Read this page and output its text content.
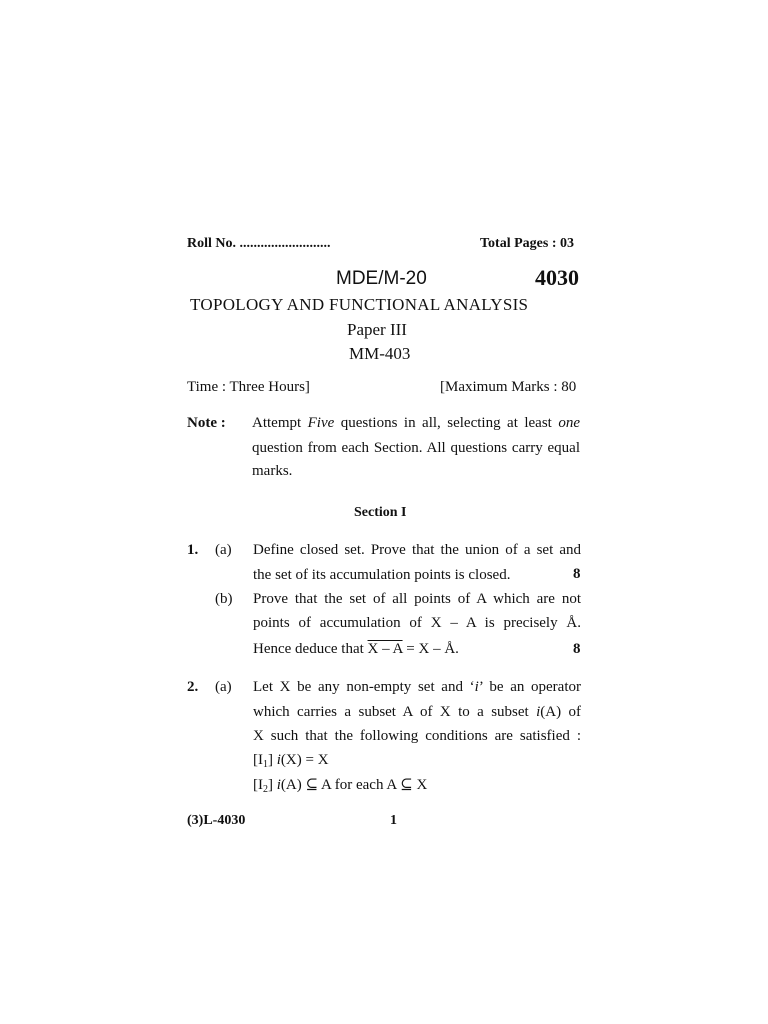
Roll No. ..........................	Total Pages : 03
MDE/M-20	4030
TOPOLOGY AND FUNCTIONAL ANALYSIS
Paper III
MM-403
Time : Three Hours]	[Maximum Marks : 80
Note : Attempt Five questions in all, selecting at least one
question from each Section. All questions carry equal
marks.
Section I
1. (a) Define closed set. Prove that the union of a set and
the set of its accumulation points is closed.	8
(b) Prove that the set of all points of A which are not
points of accumulation of X – A is precisely Å.
Hence deduce that X – A = X – Å.	8
2. (a) Let X be any non-empty set and ‘i’ be an operator
which carries a subset A of X to a subset i(A) of
X such that the following conditions are satisfied :
$[I_1] i(X) = X$
$[I_2]$ i(A) ⊆ A for each A ⊆ X
(3)L-4030	1
